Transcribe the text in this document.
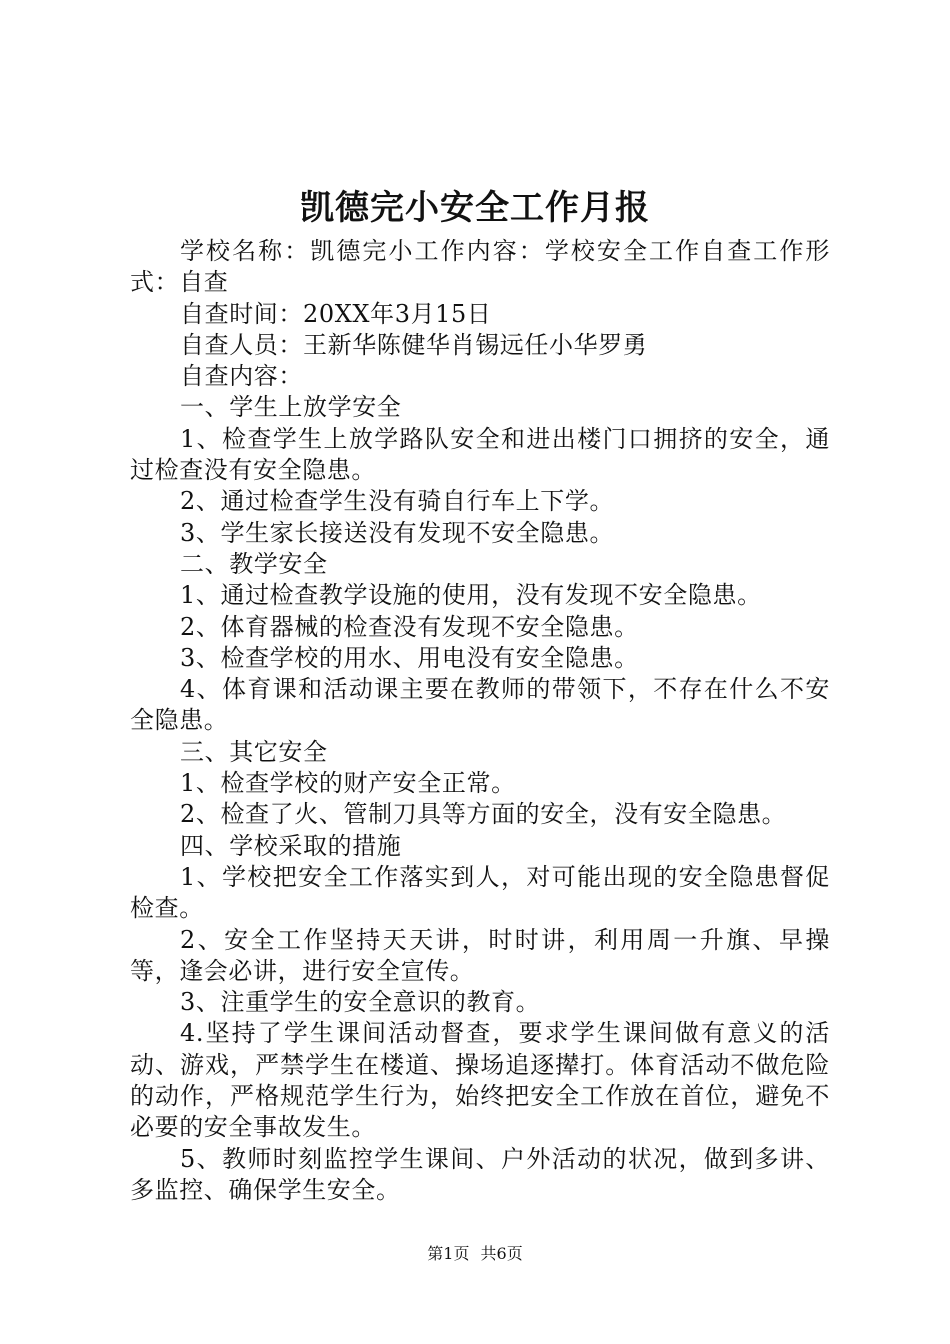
凯德完小安全工作月报

学校名称：凯德完小工作内容：学校安全工作自查工作形式：自查

自查时间：20XX年3月15日

自查人员：王新华陈健华肖锡远任小华罗勇

自查内容：

一、学生上放学安全

1、检查学生上放学路队安全和进出楼门口拥挤的安全，通过检查没有安全隐患。

2、通过检查学生没有骑自行车上下学。

3、学生家长接送没有发现不安全隐患。

二、教学安全

1、通过检查教学设施的使用，没有发现不安全隐患。

2、体育器械的检查没有发现不安全隐患。

3、检查学校的用水、用电没有安全隐患。

4、体育课和活动课主要在教师的带领下，不存在什么不安全隐患。

三、其它安全

1、检查学校的财产安全正常。

2、检查了火、管制刀具等方面的安全，没有安全隐患。

四、学校采取的措施

1、学校把安全工作落实到人，对可能出现的安全隐患督促检查。

2、安全工作坚持天天讲，时时讲，利用周一升旗、早操等，逢会必讲，进行安全宣传。

3、注重学生的安全意识的教育。

4.坚持了学生课间活动督查，要求学生课间做有意义的活动、游戏，严禁学生在楼道、操场追逐撵打。体育活动不做危险的动作，严格规范学生行为，始终把安全工作放在首位，避免不必要的安全事故发生。

5、教师时刻监控学生课间、户外活动的状况，做到多讲、多监控、确保学生安全。

第1页 共6页
